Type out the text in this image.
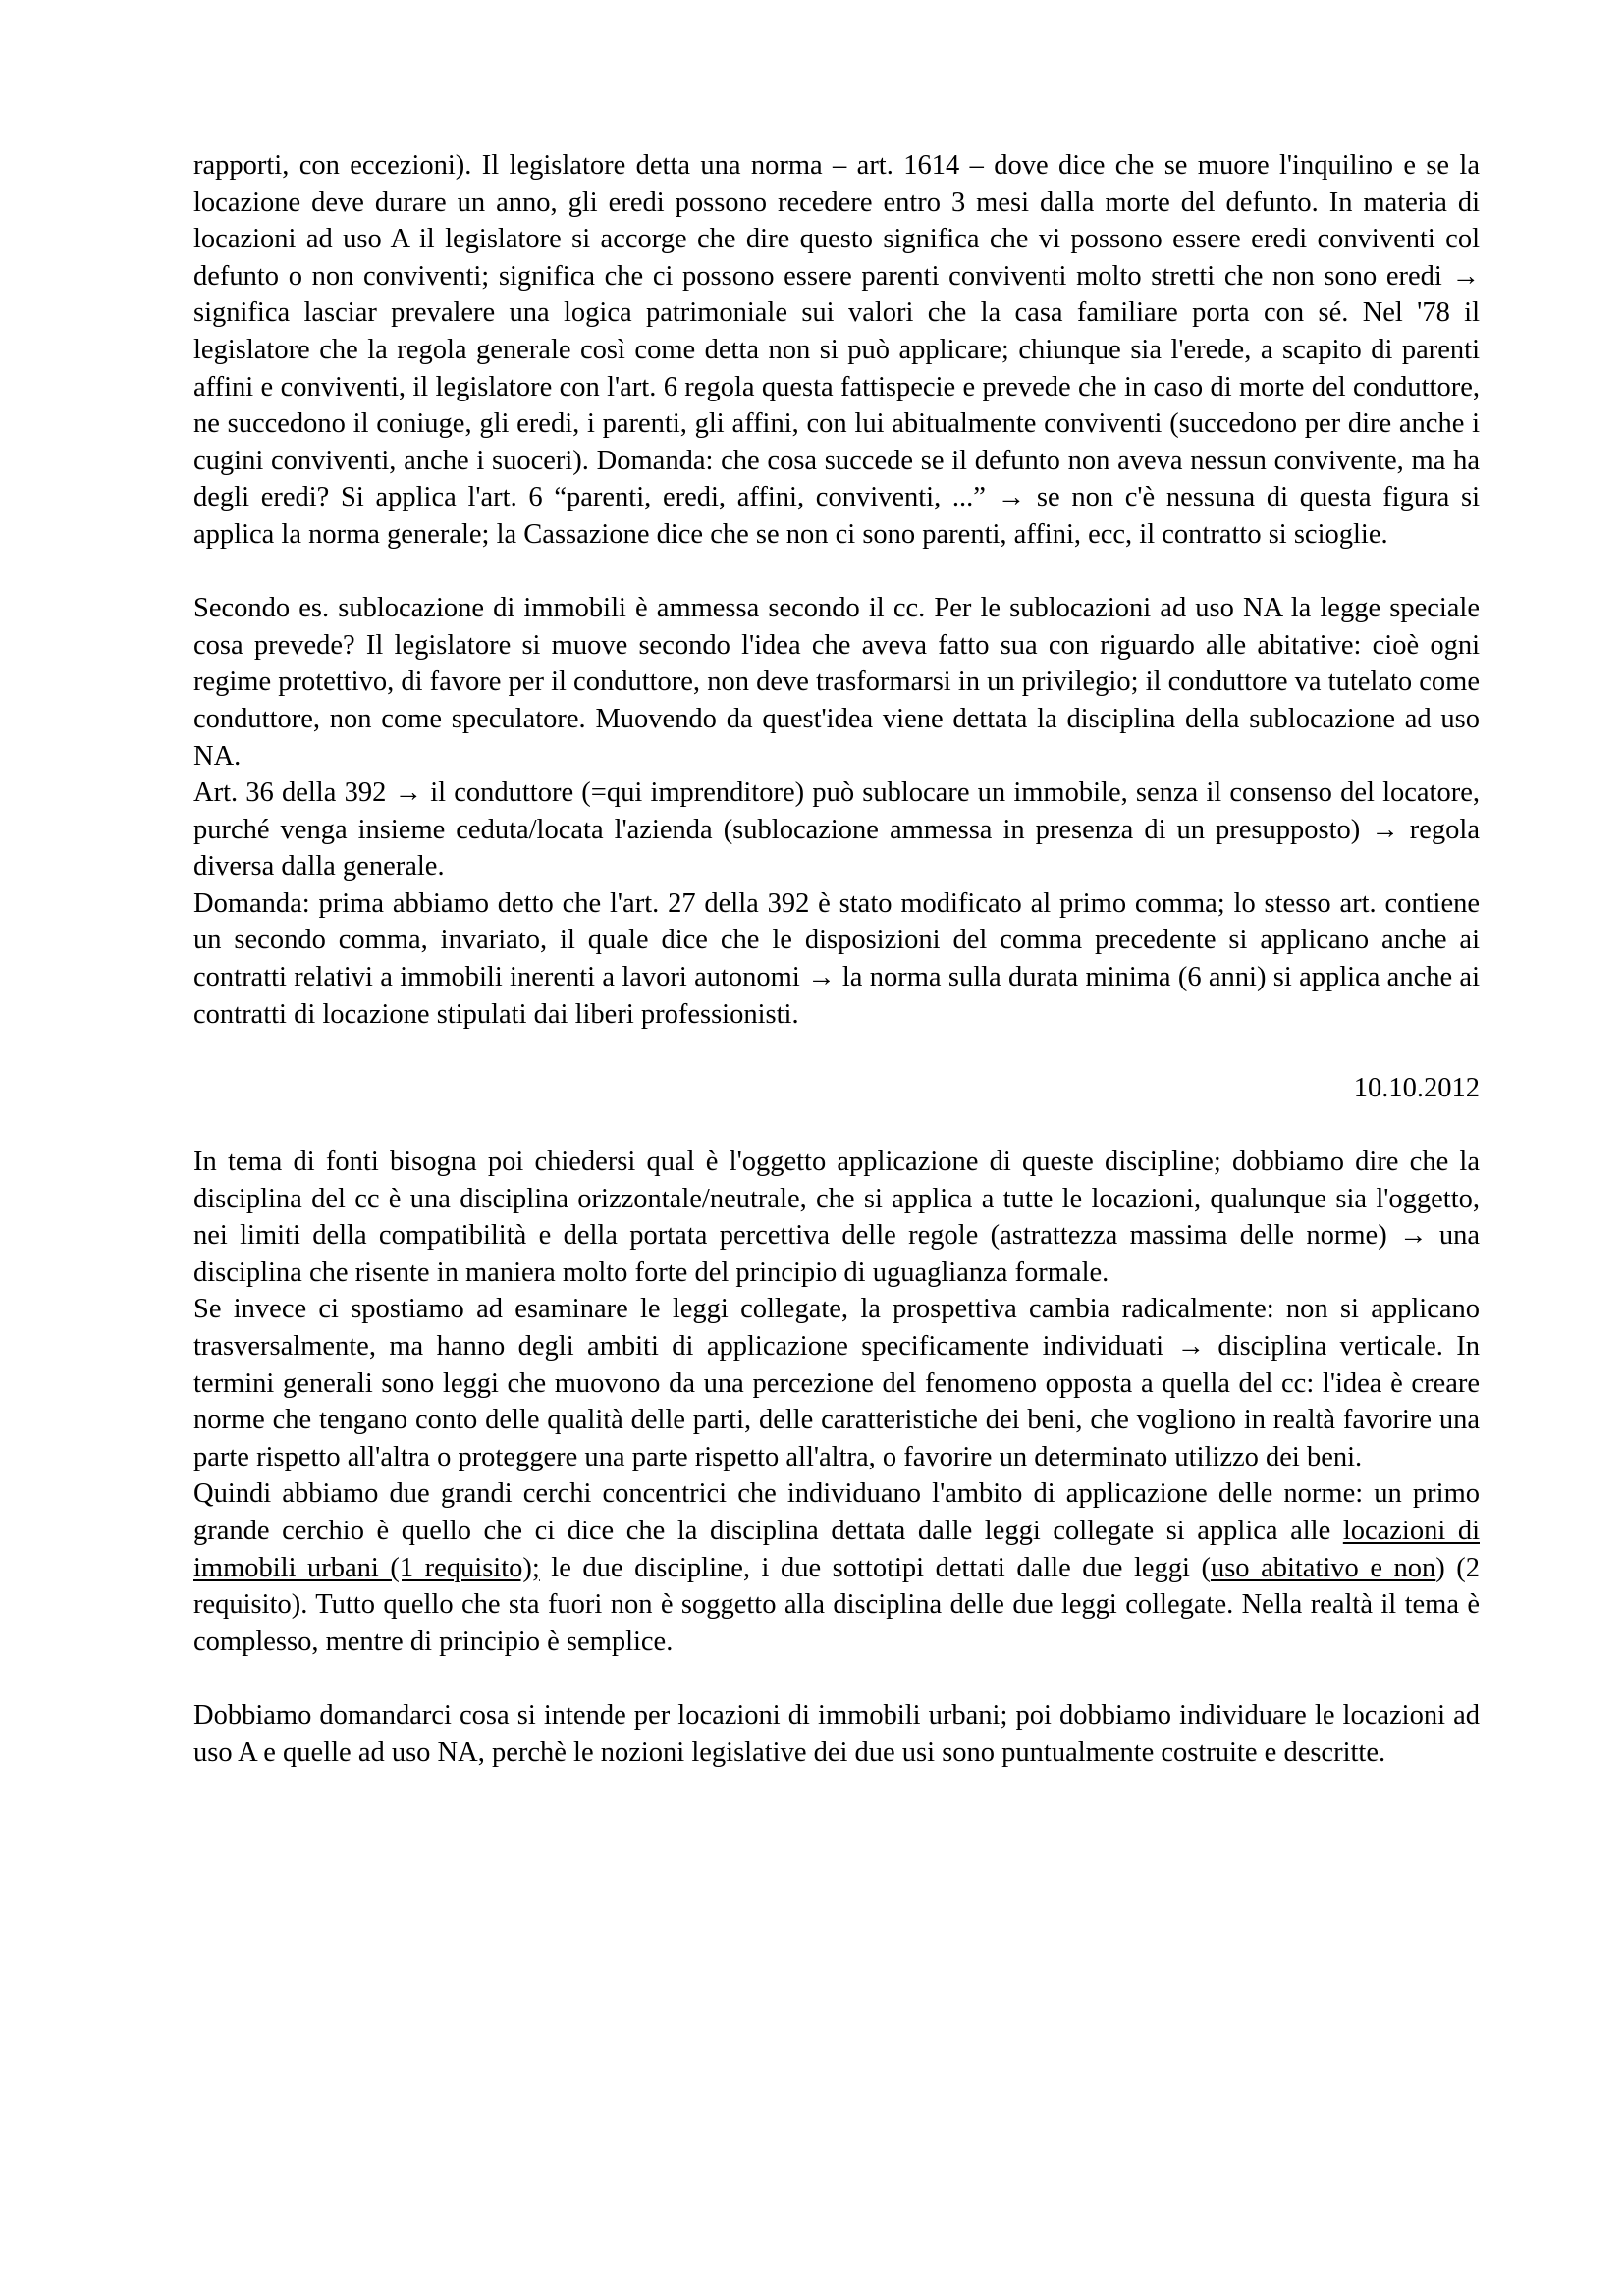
rapporti, con eccezioni). Il legislatore detta una norma – art. 1614 – dove dice che se muore l'inquilino e se la locazione deve durare un anno, gli eredi possono recedere entro 3 mesi dalla morte del defunto. In materia di locazioni ad uso A il legislatore si accorge che dire questo significa che vi possono essere eredi conviventi col defunto o non conviventi; significa che ci possono essere parenti conviventi molto stretti che non sono eredi → significa lasciar prevalere una logica patrimoniale sui valori che la casa familiare porta con sé. Nel '78 il legislatore che la regola generale così come detta non si può applicare; chiunque sia l'erede, a scapito di parenti affini e conviventi, il legislatore con l'art. 6 regola questa fattispecie e prevede che in caso di morte del conduttore, ne succedono il coniuge, gli eredi, i parenti, gli affini, con lui abitualmente conviventi (succedono per dire anche i cugini conviventi, anche i suoceri). Domanda: che cosa succede se il defunto non aveva nessun convivente, ma ha degli eredi? Si applica l'art. 6 “parenti, eredi, affini, conviventi, ...” → se non c'è nessuna di questa figura si applica la norma generale; la Cassazione dice che se non ci sono parenti, affini, ecc, il contratto si scioglie.

Secondo es. sublocazione di immobili è ammessa secondo il cc. Per le sublocazioni ad uso NA la legge speciale cosa prevede? Il legislatore si muove secondo l'idea che aveva fatto sua con riguardo alle abitative: cioè ogni regime protettivo, di favore per il conduttore, non deve trasformarsi in un privilegio; il conduttore va tutelato come conduttore, non come speculatore. Muovendo da quest'idea viene dettata la disciplina della sublocazione ad uso NA.

Art. 36 della 392 → il conduttore (=qui imprenditore) può sublocare un immobile, senza il consenso del locatore, purché venga insieme ceduta/locata l'azienda (sublocazione ammessa in presenza di un presupposto) → regola diversa dalla generale.

Domanda: prima abbiamo detto che l'art. 27 della 392 è stato modificato al primo comma; lo stesso art. contiene un secondo comma, invariato, il quale dice che le disposizioni del comma precedente si applicano anche ai contratti relativi a immobili inerenti a lavori autonomi → la norma sulla durata minima (6 anni) si applica anche ai contratti di locazione stipulati dai liberi professionisti.

10.10.2012

In tema di fonti bisogna poi chiedersi qual è l'oggetto applicazione di queste discipline; dobbiamo dire che la disciplina del cc è una disciplina orizzontale/neutrale, che si applica a tutte le locazioni, qualunque sia l'oggetto, nei limiti della compatibilità e della portata percettiva delle regole (astrattezza massima delle norme) → una disciplina che risente in maniera molto forte del principio di uguaglianza formale.

Se invece ci spostiamo ad esaminare le leggi collegate, la prospettiva cambia radicalmente: non si applicano trasversalmente, ma hanno degli ambiti di applicazione specificamente individuati → disciplina verticale. In termini generali sono leggi che muovono da una percezione del fenomeno opposta a quella del cc: l'idea è creare norme che tengano conto delle qualità delle parti, delle caratteristiche dei beni, che vogliono in realtà favorire una parte rispetto all'altra o proteggere una parte rispetto all'altra, o favorire un determinato utilizzo dei beni.

Quindi abbiamo due grandi cerchi concentrici che individuano l'ambito di applicazione delle norme: un primo grande cerchio è quello che ci dice che la disciplina dettata dalle leggi collegate si applica alle locazioni di immobili urbani (1 requisito); le due discipline, i due sottotipi dettati dalle due leggi (uso abitativo e non) (2 requisito). Tutto quello che sta fuori non è soggetto alla disciplina delle due leggi collegate. Nella realtà il tema è complesso, mentre di principio è semplice.

Dobbiamo domandarci cosa si intende per locazioni di immobili urbani; poi dobbiamo individuare le locazioni ad uso A e quelle ad uso NA, perchè le nozioni legislative dei due usi sono puntualmente costruite e descritte.
